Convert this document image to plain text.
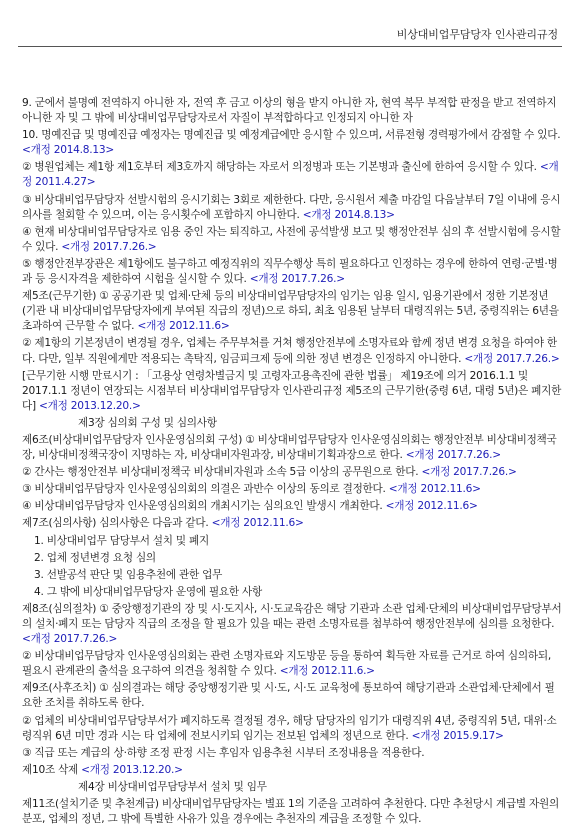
비상대비업무담당자 인사관리규정
9. 군에서 불명예 전역하지 아니한 자, 전역 후 금고 이상의 형을 받지 아니한 자, 현역 복무 부적합 판정을 받고 전역하지 아니한 자 및 그 밖에 비상대비업무담당자로서 자질이 부적합하다고 인정되지 아니한 자
10. 명예진급 및 명예진급 예정자는 명예진급 및 예정계급에만 응시할 수 있으며, 서류전형 경력평가에서 감점할 수 있다. <개정 2014.8.13>
② 병원업체는 제1항 제1호부터 제3호까지 해당하는 자로서 의정병과 또는 기본병과 출신에 한하여 응시할 수 있다. <개정 2011.4.27>
③ 비상대비업무담당자 선발시험의 응시기회는 3회로 제한한다. 다만, 응시원서 제출 마감일 다음날부터 7일 이내에 응시의사를 철회할 수 있으며, 이는 응시횟수에 포함하지 아니한다. <개정 2014.8.13>
④ 현재 비상대비업무담당자로 임용 중인 자는 퇴직하고, 사전에 공석발생 보고 및 행정안전부 심의 후 선발시험에 응시할 수 있다. <개정 2017.7.26.>
⑤ 행정안전부장관은 제1항에도 불구하고 예정직위의 직무수행상 특히 필요하다고 인정하는 경우에 한하여 연령·군별·병과 등 응시자격을 제한하여 시험을 실시할 수 있다. <개정 2017.7.26.>
제5조(근무기한) ① 공공기관 및 업체·단체 등의 비상대비업무담당자의 임기는 임용 일시, 임용기관에서 정한 기본정년(기관 내 비상대비업무담당자에게 부여된 직급의 정년)으로 하되, 최초 임용된 날부터 대령직위는 5년, 중령직위는 6년을 초과하여 근무할 수 없다. <개정 2012.11.6>
② 제1항의 기본정년이 변경될 경우, 업체는 주무부처를 거쳐 행정안전부에 소명자료와 함께 정년 변경 요청을 하여야 한다. 다만, 일부 직원에게만 적용되는 촉탁직, 임금피크제 등에 의한 정년 변경은 인정하지 아니한다. <개정 2017.7.26.>
[근무기한 시행 만료시기 : 「고용상 연령차별금지 및 고령자고용촉진에 관한 법률」 제19조에 의거 2016.1.1 및 2017.1.1 정년이 연장되는 시점부터 비상대비업무담당자 인사관리규정 제5조의 근무기한(중령 6년, 대령 5년)은 폐지한다] <개정 2013.12.20.>
제3장 심의회 구성 및 심의사항
제6조(비상대비업무담당자 인사운영심의회 구성) ① 비상대비업무담당자 인사운영심의회는 행정안전부 비상대비정책국장, 비상대비정책국장이 지명하는 자, 비상대비자원과장, 비상대비기획과장으로 한다. <개정 2017.7.26.>
② 간사는 행정안전부 비상대비정책국 비상대비자원과 소속 5급 이상의 공무원으로 한다. <개정 2017.7.26.>
③ 비상대비업무담당자 인사운영심의회의 의결은 과반수 이상의 동의로 결정한다. <개정 2012.11.6>
④ 비상대비업무담당자 인사운영심의회의 개최시기는 심의요인 발생시 개최한다. <개정 2012.11.6>
제7조(심의사항) 심의사항은 다음과 같다. <개정 2012.11.6>
1. 비상대비업무 담당부서 설치 및 폐지
2. 업체 정년변경 요청 심의
3. 선발공석 판단 및 임용추천에 관한 업무
4. 그 밖에 비상대비업무담당자 운영에 필요한 사항
제8조(심의절차) ① 중앙행정기관의 장 및 시·도지사, 시·도교육감은 해당 기관과 소관 업체·단체의 비상대비업무담당부서의 설치·폐지 또는 담당자 직급의 조정을 할 필요가 있을 때는 관련 소명자료를 첨부하여 행정안전부에 심의를 요청한다. <개정 2017.7.26.>
② 비상대비업무담당자 인사운영심의회는 관련 소명자료와 지도방문 등을 통하여 획득한 자료를 근거로 하여 심의하되, 필요시 관계관의 출석을 요구하여 의견을 청취할 수 있다. <개정 2012.11.6.>
제9조(사후조치) ① 심의결과는 해당 중앙행정기관 및 시·도, 시·도 교육청에 통보하여 해당기관과 소관업체·단체에서 필요한 조치를 취하도록 한다.
② 업체의 비상대비업무담당부서가 폐지하도록 결정될 경우, 해당 담당자의 임기가 대령직위 4년, 중령직위 5년, 대위·소령직위 6년 미만 경과 시는 타 업체에 전보시키되 임기는 전보된 업체의 정년으로 한다. <개정 2015.9.17>
③ 직급 또는 계급의 상·하향 조정 판정 시는 후임자 임용추천 시부터 조정내용을 적용한다.
제10조 삭제 <개정 2013.12.20.>
제4장 비상대비업무담당부서 설치 및 임무
제11조(설치기준 및 추천계급) 비상대비업무담당자는 별표 1의 기준을 고려하여 추천한다. 다만 추천당시 계급별 자원의 분포, 업체의 정년, 그 밖에 특별한 사유가 있을 경우에는 추천자의 계급을 조정할 수 있다.
